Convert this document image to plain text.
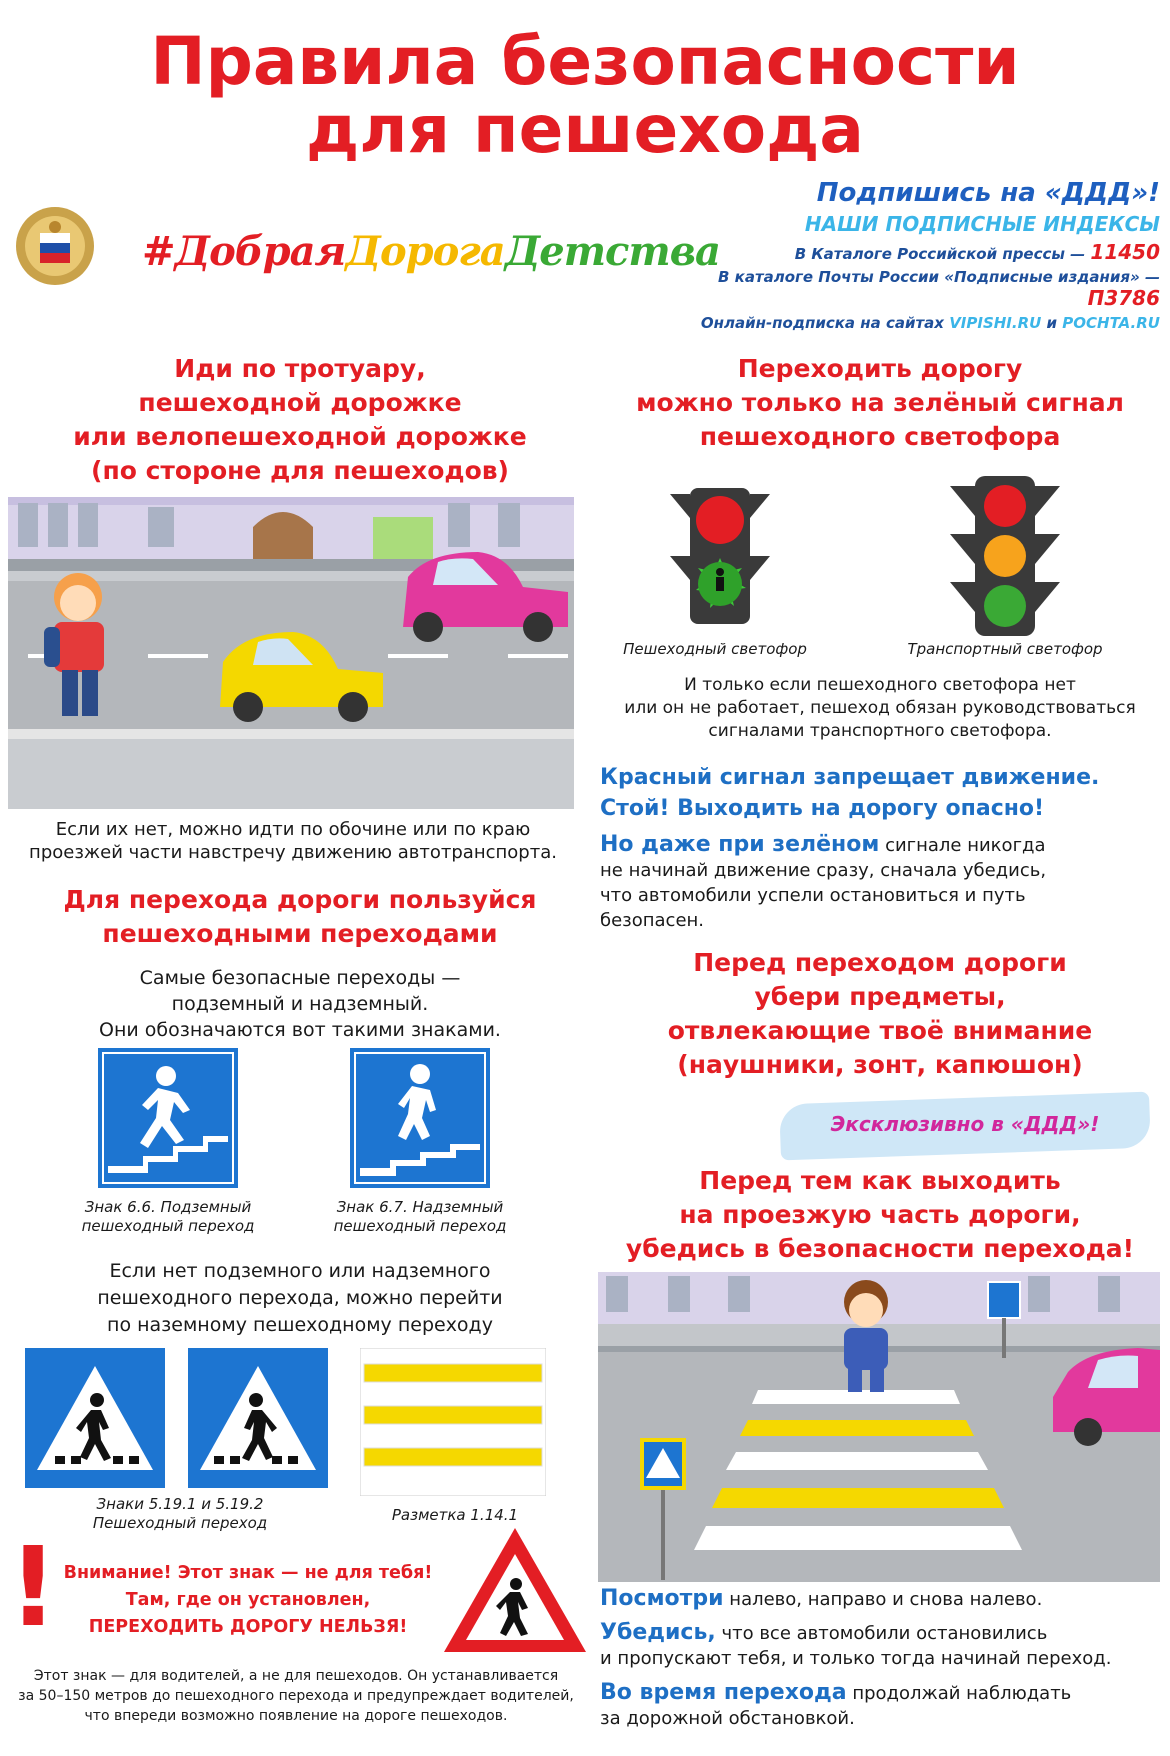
Правила безопасности
для пешехода
#ДобраяДорогаДетства
Подпишись на «ДДД»!
НАШИ ПОДПИСНЫЕ ИНДЕКСЫ
В Каталоге Российской прессы — 11450
В каталоге Почты России «Подписные издания» — П3786
Онлайн-подписка на сайтах VIPISHI.RU и POCHTA.RU
Иди по тротуару,
пешеходной дорожке
или велопешеходной дорожке
(по стороне для пешеходов)
Если их нет, можно идти по обочине или по краю
проезжей части навстречу движению автотранспорта.
Для перехода дороги пользуйся
пешеходными переходами
Самые безопасные переходы —
подземный и надземный.
Они обозначаются вот такими знаками.
Знак 6.6. Подземный
пешеходный переход
Знак 6.7. Надземный
пешеходный переход
Если нет подземного или надземного
пешеходного перехода, можно перейти
по наземному пешеходному переходу
Знаки 5.19.1 и 5.19.2
Пешеходный переход	Разметка 1.14.1
! Внимание! Этот знак — не для тебя!
Там, где он установлен,
ПЕРЕХОДИТЬ ДОРОГУ НЕЛЬЗЯ!
Этот знак — для водителей, а не для пешеходов. Он устанавливается
за 50–150 метров до пешеходного перехода и предупреждает водителей,
что впереди возможно появление на дороге пешеходов.
Переходить дорогу
можно только на зелёный сигнал
пешеходного светофора
Пешеходный светофор	Транспортный светофор
И только если пешеходного светофора нет
или он не работает, пешеход обязан руководствоваться
сигналами транспортного светофора.
Красный сигнал запрещает движение.
Стой! Выходить на дорогу опасно!
Но даже при зелёном сигнале никогда
не начинай движение сразу, сначала убедись,
что автомобили успели остановиться и путь
безопасен.
Перед переходом дороги
убери предметы,
отвлекающие твоё внимание
(наушники, зонт, капюшон)
Эксклюзивно в «ДДД»!
Перед тем как выходить
на проезжую часть дороги,
убедись в безопасности перехода!
Посмотри налево, направо и снова налево.
Убедись, что все автомобили остановились
и пропускают тебя, и только тогда начинай переход.
Во время перехода продолжай наблюдать
за дорожной обстановкой.
